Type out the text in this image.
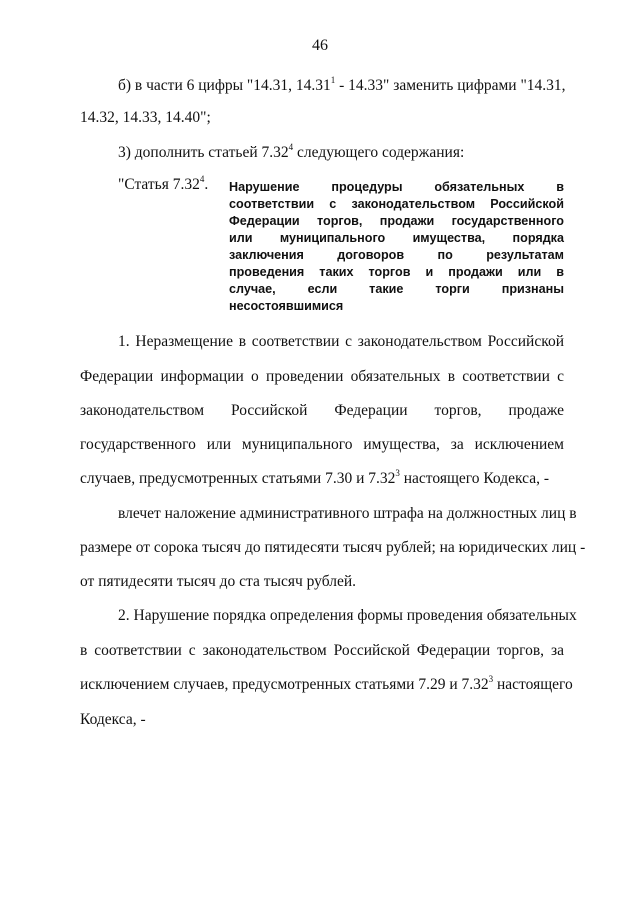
46
б) в части 6 цифры "14.31, 14.31$^1$ - 14.33" заменить цифрами "14.31,
14.32, 14.33, 14.40";
3) дополнить статьей 7.32$^4$ следующего содержания:
"Статья 7.32$^4$. Нарушение процедуры обязательных в
соответствии с законодательством Российской
Федерации торгов, продажи государственного
или муниципального имущества, порядка
заключения договоров по результатам
проведения таких торгов и продажи или в
случае, если такие торги признаны
несостоявшимися
1. Неразмещение в соответствии с законодательством Российской
Федерации информации о проведении обязательных в соответствии с
законодательством Российской Федерации торгов, продаже
государственного или муниципального имущества, за исключением
случаев, предусмотренных статьями 7.30 и 7.32$^3$ настоящего Кодекса, -
влечет наложение административного штрафа на должностных лиц в
размере от сорока тысяч до пятидесяти тысяч рублей; на юридических лиц -
от пятидесяти тысяч до ста тысяч рублей.
2. Нарушение порядка определения формы проведения обязательных
в соответствии с законодательством Российской Федерации торгов, за
исключением случаев, предусмотренных статьями 7.29 и 7.32$^3$ настоящего
Кодекса, -
